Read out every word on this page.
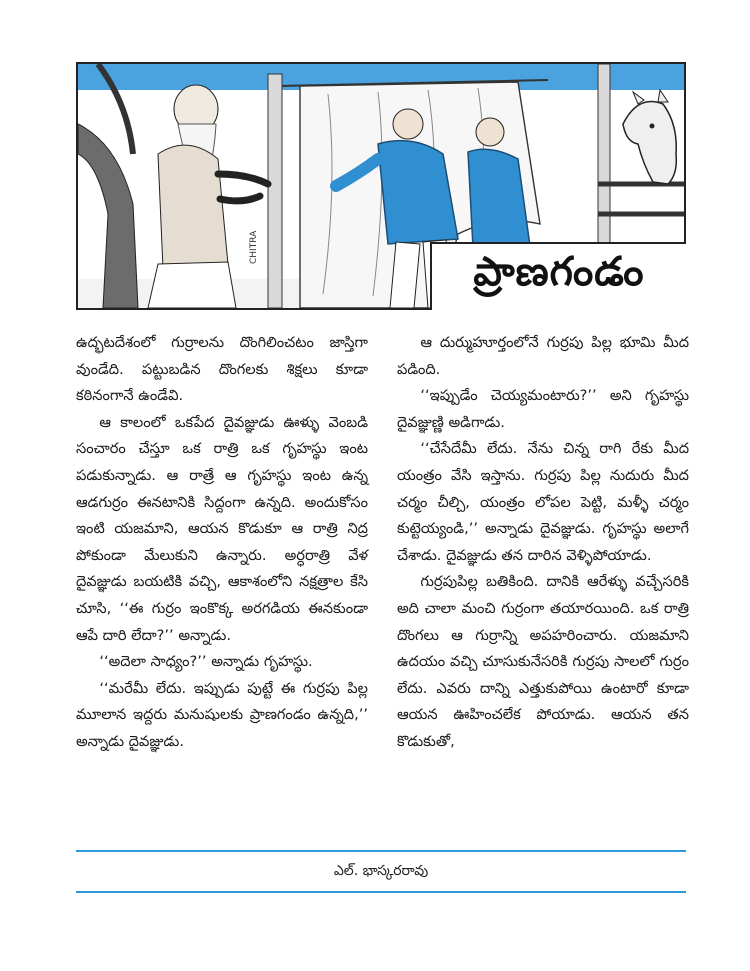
CHITRA
ప్రాణగండం

ఉద్భటదేశంలో గుర్రాలను దొంగిలించటం జాస్తిగా వుండేది. పట్టుబడిన దొంగలకు శిక్షలు కూడా కఠినంగానే ఉండేవి.

ఆ కాలంలో ఒకపేద దైవజ్ఞుడు ఊళ్ళు వెంబడి సంచారం చేస్తూ ఒక రాత్రి ఒక గృహస్థు ఇంట పడుకున్నాడు. ఆ రాత్రే ఆ గృహస్థు ఇంట ఉన్న ఆడగుర్రం ఈనటానికి సిద్దంగా ఉన్నది. అందుకోసం ఇంటి యజమాని, ఆయన కొడుకూ ఆ రాత్రి నిద్ర పోకుండా మేలుకుని ఉన్నారు. అర్ధరాత్రి వేళ దైవజ్ఞుడు బయటికి వచ్చి, ఆకాశంలోని నక్షత్రాల కేసి చూసి, ‘‘ఈ గుర్రం ఇంకొక్క అరగడియ ఈనకుండా ఆపే దారి లేదా?’’ అన్నాడు.

‘‘అదెలా సాధ్యం?’’ అన్నాడు గృహస్థు.

‘‘మరేమీ లేదు. ఇప్పుడు పుట్టే ఈ గుర్రపు పిల్ల మూలాన ఇద్దరు మనుషులకు ప్రాణగండం ఉన్నది,’’ అన్నాడు దైవజ్ఞుడు.

ఆ దుర్ముహూర్తంలోనే గుర్రపు పిల్ల భూమి మీద పడింది.

‘‘ఇప్పుడేం చెయ్యమంటారు?’’ అని గృహస్థు దైవజ్ఞుణ్ణి అడిగాడు.

‘‘చేసేదేమీ లేదు. నేను చిన్న రాగి రేకు మీద యంత్రం వేసి ఇస్తాను. గుర్రపు పిల్ల నుదురు మీద చర్మం చీల్చి, యంత్రం లోపల పెట్టి, మళ్ళీ చర్మం కుట్టెయ్యండి,’’ అన్నాడు దైవజ్ఞుడు. గృహస్థు అలాగే చేశాడు. దైవజ్ఞుడు తన దారిన వెళ్ళిపోయాడు.

గుర్రపుపిల్ల బతికింది. దానికి ఆరేళ్ళు వచ్చేసరికి అది చాలా మంచి గుర్రంగా తయారయింది. ఒక రాత్రి దొంగలు ఆ గుర్రాన్ని అపహరించారు. యజమాని ఉదయం వచ్చి చూసుకునేసరికి గుర్రపు సాలలో గుర్రం లేదు. ఎవరు దాన్ని ఎత్తుకుపోయి ఉంటారో కూడా ఆయన ఊహించలేక పోయాడు. ఆయన తన కొడుకుతో,

ఎల్. భాస్కరరావు
